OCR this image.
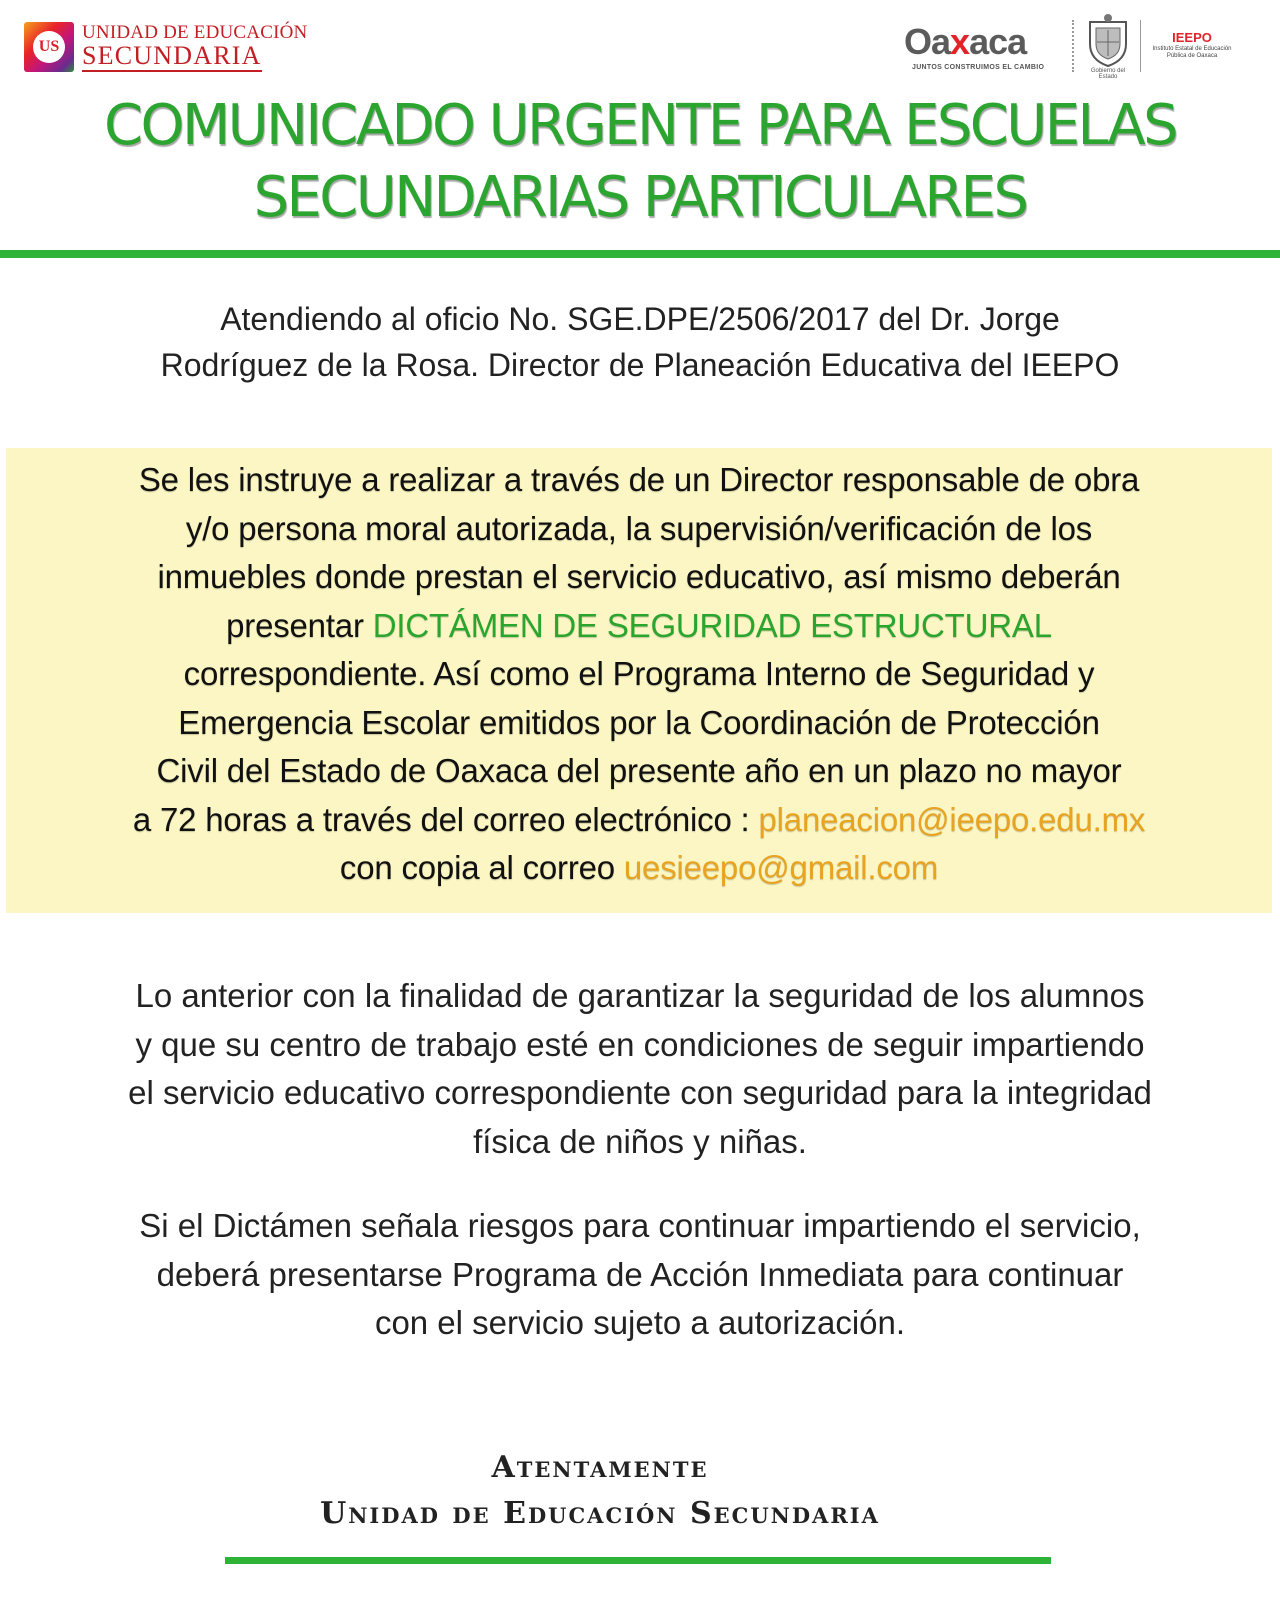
US
UNIDAD DE EDUCACIÓN
SECUNDARIA	Oaxaca
JUNTOS CONSTRUIMOS EL CAMBIO	Gobierno del Estado
IEEPO
Instituto Estatal de Educación Pública de Oaxaca
COMUNICADO URGENTE PARA ESCUELAS
SECUNDARIAS PARTICULARES
Atendiendo al oficio No. SGE.DPE/2506/2017 del Dr. Jorge
Rodríguez de la Rosa. Director de Planeación Educativa del IEEPO
Se les instruye a realizar a través de un Director responsable de obra
y/o persona moral autorizada, la supervisión/verificación de los
inmuebles donde prestan el servicio educativo, así mismo deberán
presentar DICTÁMEN DE SEGURIDAD ESTRUCTURAL
correspondiente. Así como el Programa Interno de Seguridad y
Emergencia Escolar emitidos por la Coordinación de Protección
Civil del Estado de Oaxaca del presente año en un plazo no mayor
a 72 horas a través del correo electrónico : planeacion@ieepo.edu.mx
con copia al correo uesieepo@gmail.com
Lo anterior con la finalidad de garantizar la seguridad de los alumnos
y que su centro de trabajo esté en condiciones de seguir impartiendo
el servicio educativo correspondiente con seguridad para la integridad
física de niños y niñas.
Si el Dictámen señala riesgos para continuar impartiendo el servicio,
deberá presentarse Programa de Acción Inmediata para continuar
con el servicio sujeto a autorización.
Atentamente
Unidad de Educación Secundaria
